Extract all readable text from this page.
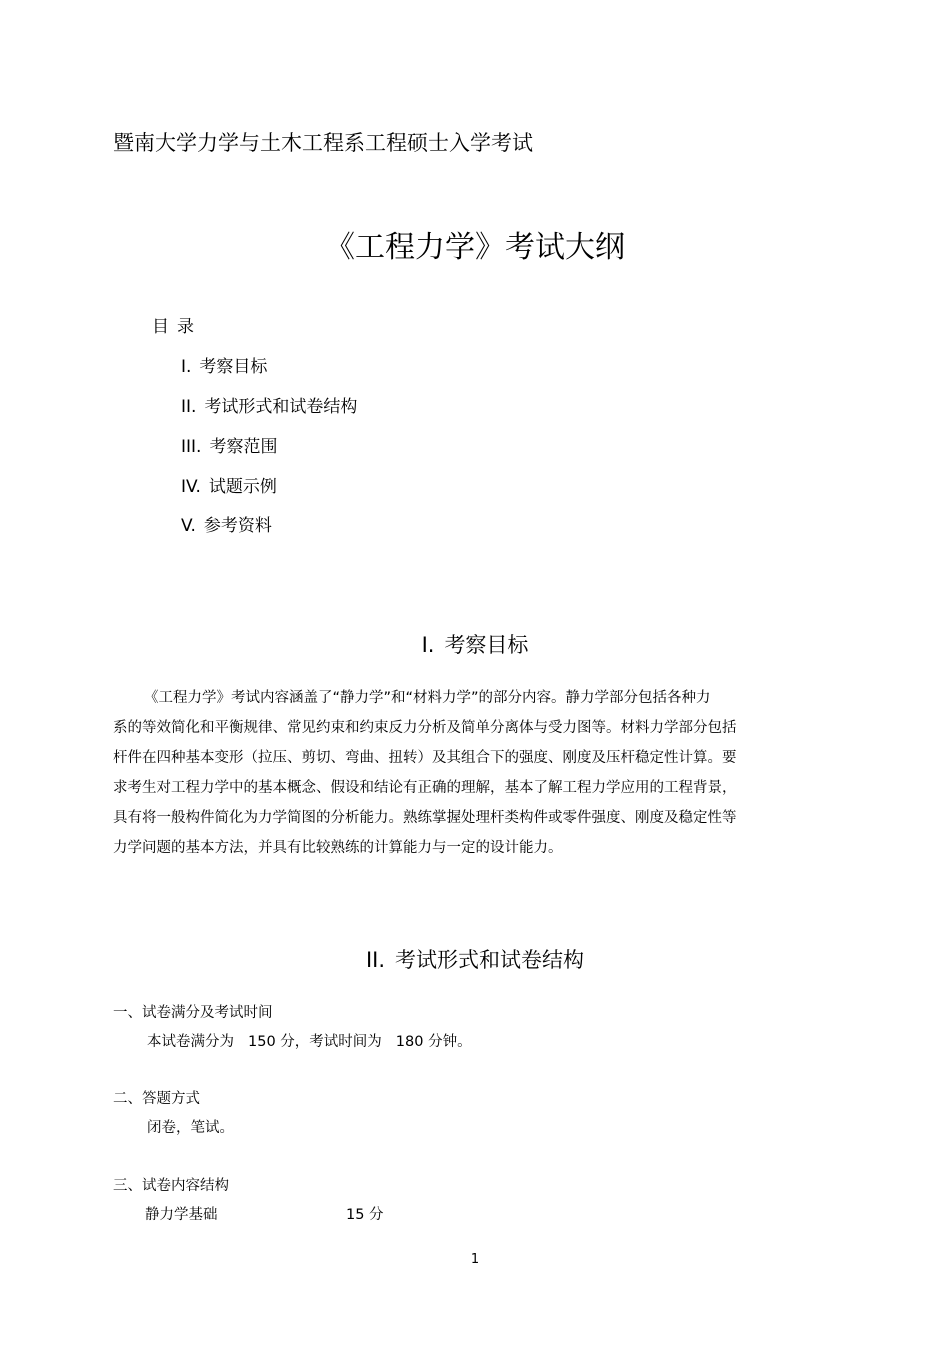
暨南大学力学与土木工程系工程硕士入学考试
《工程力学》考试大纲
目录
I. 考察目标
II. 考试形式和试卷结构
III. 考察范围
IV. 试题示例
V. 参考资料
I. 考察目标

《工程力学》考试内容涵盖了“静力学”和“材料力学”的部分内容。静力学部分包括各种力

系的等效简化和平衡规律、常见约束和约束反力分析及简单分离体与受力图等。材料力学部分包括

杆件在四种基本变形（拉压、剪切、弯曲、扭转）及其组合下的强度、刚度及压杆稳定性计算。要

求考生对工程力学中的基本概念、假设和结论有正确的理解，基本了解工程力学应用的工程背景，

具有将一般构件简化为力学简图的分析能力。熟练掌握处理杆类构件或零件强度、刚度及稳定性等

力学问题的基本方法，并具有比较熟练的计算能力与一定的设计能力。

II. 考试形式和试卷结构
一、试卷满分及考试时间
本试卷满分为 150 分，考试时间为 180 分钟。
二、答题方式
闭卷，笔试。
三、试卷内容结构
静力学基础	15 分
1
